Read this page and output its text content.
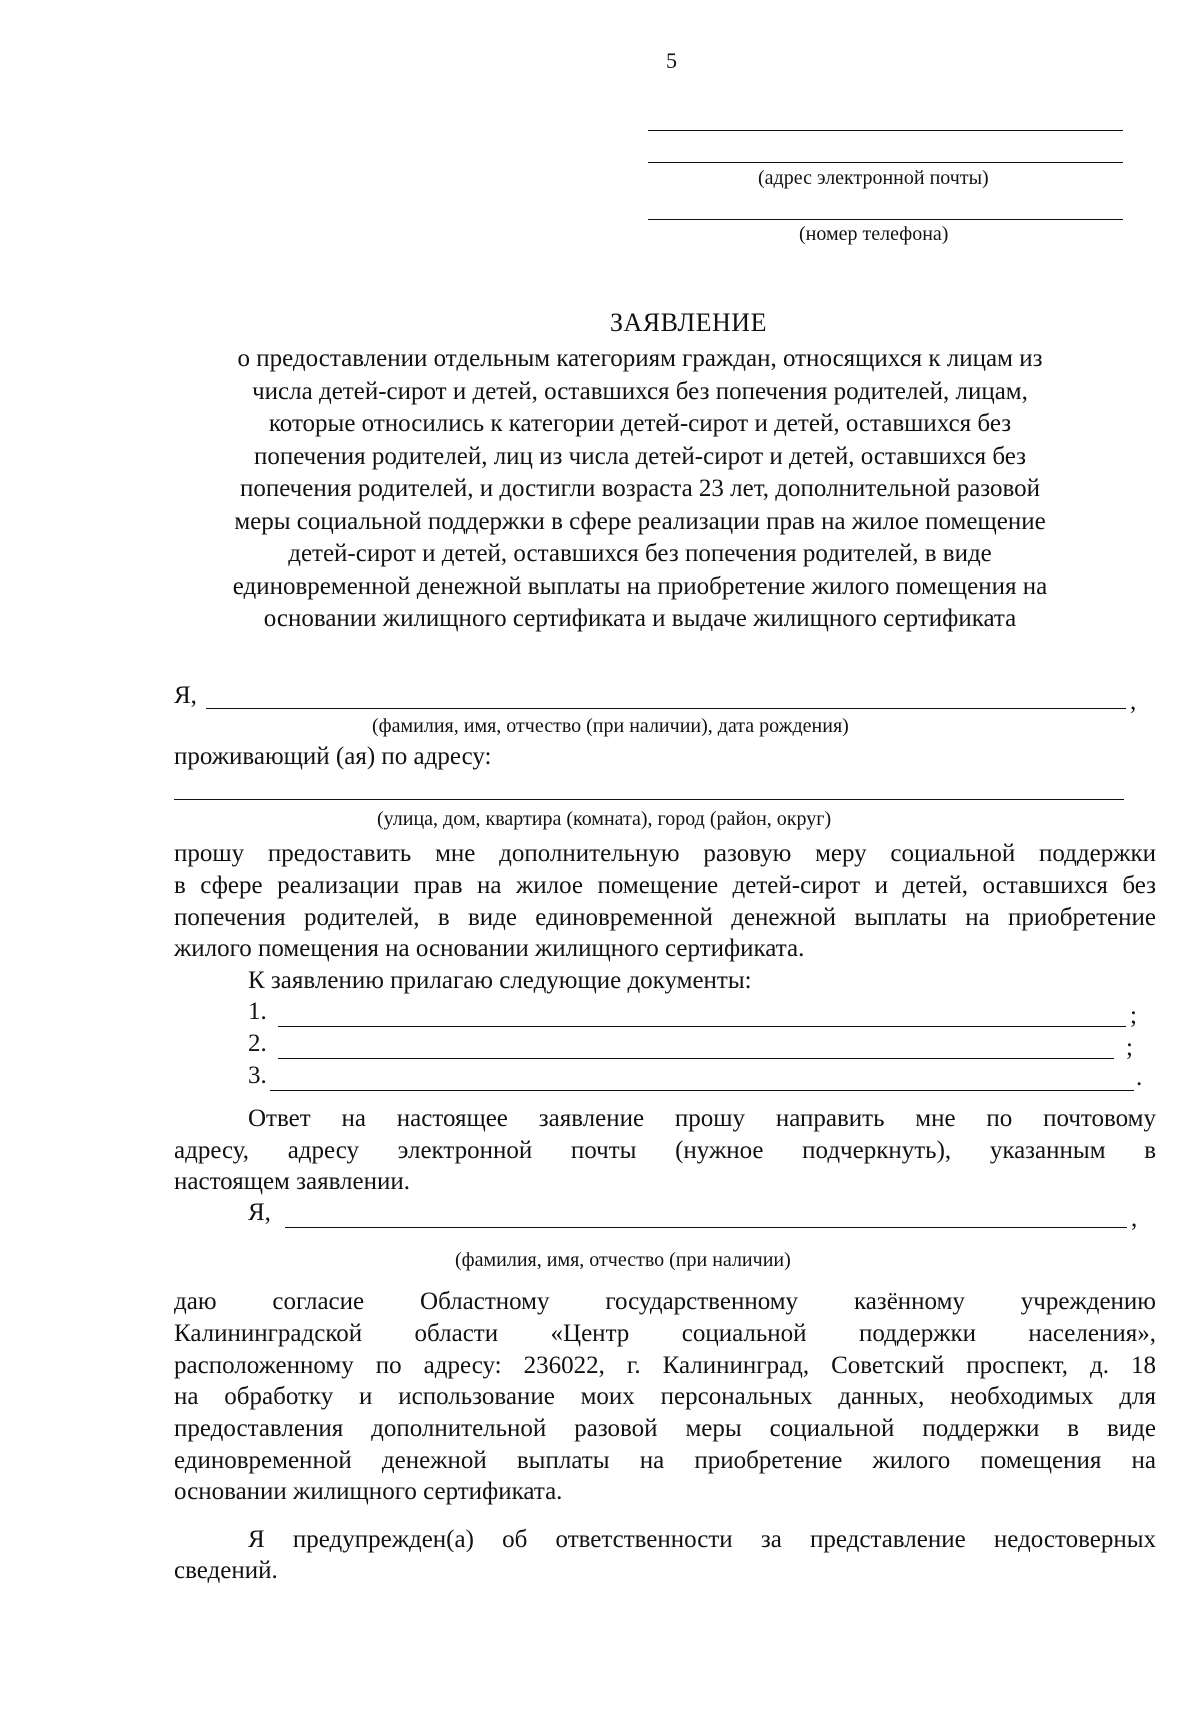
5
(адрес электронной почты)
(номер телефона)
ЗАЯВЛЕНИЕ
о предоставлении отдельным категориям граждан, относящихся к лицам из
числа детей-сирот и детей, оставшихся без попечения родителей, лицам,
которые относились к категории детей-сирот и детей, оставшихся без
попечения родителей, лиц из числа детей-сирот и детей, оставшихся без
попечения родителей, и достигли возраста 23 лет, дополнительной разовой
меры социальной поддержки в сфере реализации прав на жилое помещение
детей-сирот и детей, оставшихся без попечения родителей, в виде
единовременной денежной выплаты на приобретение жилого помещения на
основании жилищного сертификата и выдаче жилищного сертификата
Я,	,
(фамилия, имя, отчество (при наличии), дата рождения)
проживающий (ая) по адресу:
(улица, дом, квартира (комната), город (район, округ)
прошу предоставить мне дополнительную разовую меру социальной поддержки
в сфере реализации прав на жилое помещение детей-сирот и детей, оставшихся без
попечения родителей, в виде единовременной денежной выплаты на приобретение
жилого помещения на основании жилищного сертификата.
К заявлению прилагаю следующие документы:
1.	;
2.	;
3.	.
Ответ на настоящее заявление прошу направить мне по почтовому
адресу, адресу электронной почты (нужное подчеркнуть), указанным в
настоящем заявлении.
Я,	,
(фамилия, имя, отчество (при наличии)
даю согласие Областному государственному казённому учреждению
Калининградской области «Центр социальной поддержки населения»,
расположенному по адресу: 236022, г. Калининград, Советский проспект, д. 18
на обработку и использование моих персональных данных, необходимых для
предоставления дополнительной разовой меры социальной поддержки в виде
единовременной денежной выплаты на приобретение жилого помещения на
основании жилищного сертификата.
Я предупрежден(а) об ответственности за представление недостоверных
сведений.
